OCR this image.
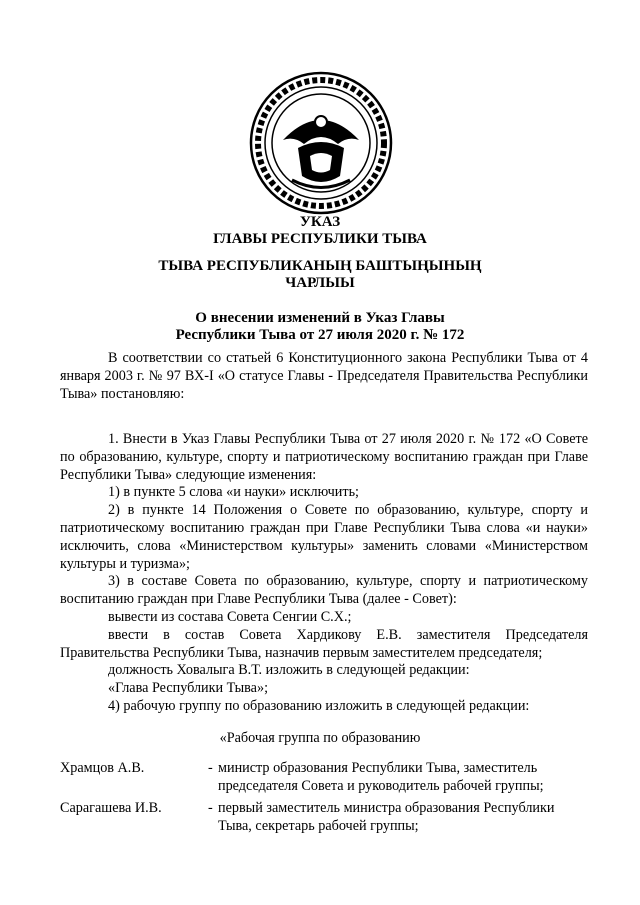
УКАЗ
ГЛАВЫ РЕСПУБЛИКИ ТЫВА
ТЫВА РЕСПУБЛИКАНЫҢ БАШТЫҢЫНЫҢ
ЧАРЛЫЫ
О внесении изменений в Указ Главы
Республики Тыва от 27 июля 2020 г. № 172

В соответствии со статьей 6 Конституционного закона Республики Тыва от 4 января 2003 г. № 97 ВХ-I «О статусе Главы - Председателя Правительства Республики Тыва» постановляю:

1. Внести в Указ Главы Республики Тыва от 27 июля 2020 г. № 172 «О Совете по образованию, культуре, спорту и патриотическому воспитанию граждан при Главе Республики Тыва» следующие изменения:

1) в пункте 5 слова «и науки» исключить;

2) в пункте 14 Положения о Совете по образованию, культуре, спорту и патриотическому воспитанию граждан при Главе Республики Тыва слова «и науки» исключить, слова «Министерством культуры» заменить словами «Министерством культуры и туризма»;

3) в составе Совета по образованию, культуре, спорту и патриотическому воспитанию граждан при Главе Республики Тыва (далее - Совет):

вывести из состава Совета Сенгии С.Х.;

ввести в состав Совета Хардикову Е.В. заместителя Председателя Правительства Республики Тыва, назначив первым заместителем председателя;

должность Ховалыга В.Т. изложить в следующей редакции:

«Глава Республики Тыва»;

4) рабочую группу по образованию изложить в следующей редакции:

«Рабочая группа по образованию
Храмцов А.В.	- министр образования Республики Тыва, заместитель председателя Совета и руководитель рабочей группы;
Сарагашева И.В.	- первый заместитель министра образования Республики Тыва, секретарь рабочей группы;
